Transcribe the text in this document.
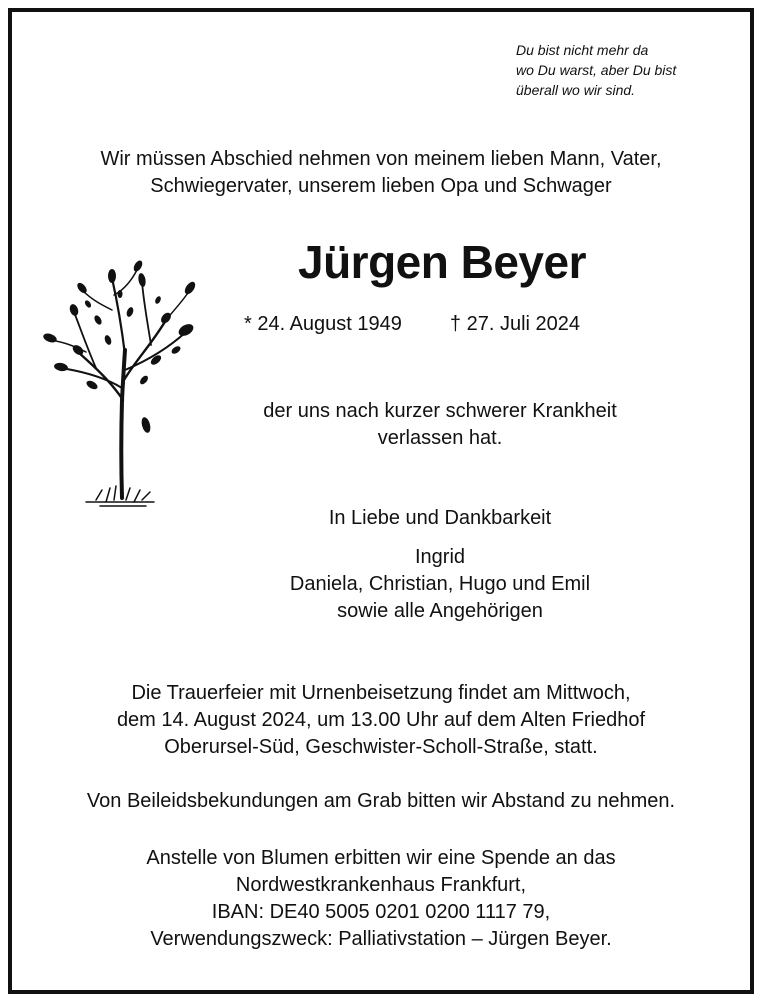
Du bist nicht mehr da
wo Du warst, aber Du bist
überall wo wir sind.
Wir müssen Abschied nehmen von meinem lieben Mann, Vater,
Schwiegervater, unserem lieben Opa und Schwager
Jürgen Beyer
* 24. August 1949 † 27. Juli 2024
der uns nach kurzer schwerer Krankheit
verlassen hat.
In Liebe und Dankbarkeit
Ingrid
Daniela, Christian, Hugo und Emil
sowie alle Angehörigen
Die Trauerfeier mit Urnenbeisetzung findet am Mittwoch,
dem 14. August 2024, um 13.00 Uhr auf dem Alten Friedhof
Oberursel-Süd, Geschwister-Scholl-Straße, statt.
Von Beileidsbekundungen am Grab bitten wir Abstand zu nehmen.
Anstelle von Blumen erbitten wir eine Spende an das
Nordwestkrankenhaus Frankfurt,
IBAN: DE40 5005 0201 0200 1117 79,
Verwendungszweck: Palliativstation – Jürgen Beyer.
